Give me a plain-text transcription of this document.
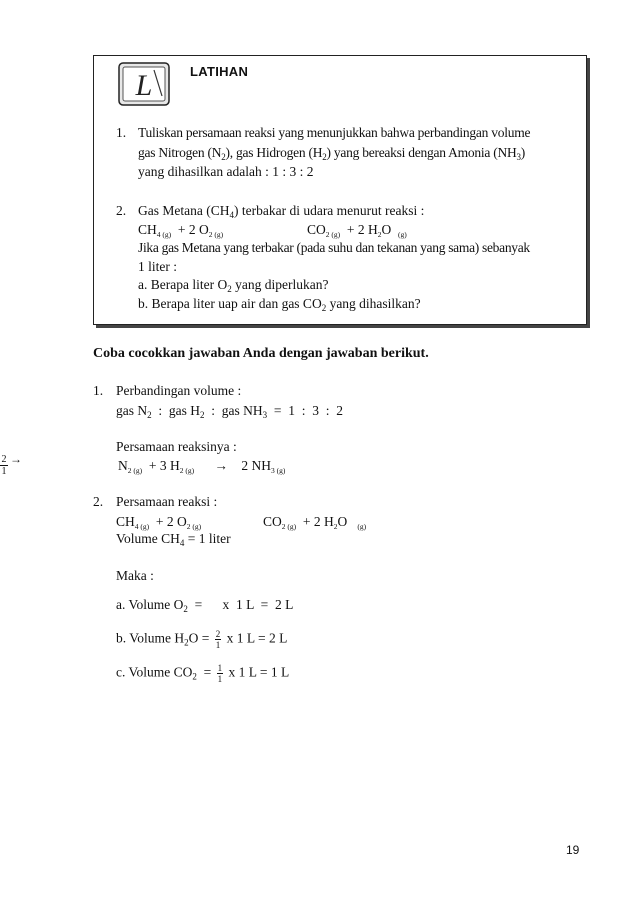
L	LATIHAN
1. Tuliskan persamaan reaksi yang menunjukkan bahwa perbandingan volume
gas Nitrogen $(N_2)$, gas Hidrogen $(H_2)$ yang bereaksi dengan Amonia $(NH_3)$
yang dihasilkan adalah : 1 : 3 : 2
2. Gas Metana $(CH_4)$ terbakar di udara menurut reaksi :
$CH_{4 (g)} + 2$ $O_{2 (g)}$	$CO_{2 (g)} + 2$ $H_2O$ $_{(g)}$
Jika gas Metana yang terbakar (pada suhu dan tekanan yang sama) sebanyak
1 liter :
a. Berapa liter $O_2$ yang diperlukan?
b. Berapa liter uap air dan gas $CO_2$ yang dihasilkan?
Coba cocokkan jawaban Anda dengan jawaban berikut.
1. Perbandingan volume :
gas $N_2$  :  gas $H_2$  :  gas $NH_3 = 1$  :  3  :  2
Persamaan reaksinya :
$N_{2 (g)} + 3$ $H_{2 (g)} \to 2$ $NH_{3 (g)}$
2
1
→
2. Persamaan reaksi :
$CH_{4 (g)} + 2$ $O_{2 (g)}$	$CO_{2 (g)} + 2$ $H_2O$ $_{(g)}$
Volume $CH_4 = 1$ liter
Maka :
a. Volume $O_2$  =      x  1 L  =  2 L
b. Volume $H_2O = \frac{2}{1}$ x 1 L = 2 L
c. Volume $CO_2 = \frac{1}{1}$ x 1 L = 1 L
19
